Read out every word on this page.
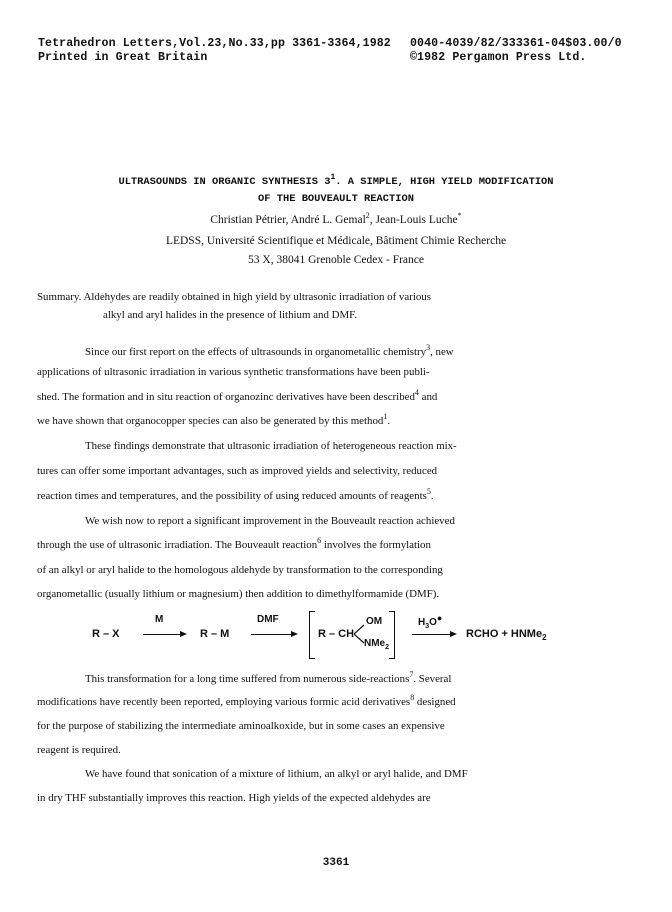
Tetrahedron Letters,Vol.23,No.33,pp 3361-3364,1982 0040-4039/82/333361-04$03.00/0
Printed in Great Britain	©1982 Pergamon Press Ltd.
ULTRASOUNDS IN ORGANIC SYNTHESIS $3^1$. A SIMPLE, HIGH YIELD MODIFICATION
OF THE BOUVEAULT REACTION
Christian Pétrier, André L. Gemal$^2$, Jean-Louis Luche*
LEDSS, Université Scientifique et Médicale, Bâtiment Chimie Recherche
53 X, 38041 Grenoble Cedex - France
Summary. Aldehydes are readily obtained in high yield by ultrasonic irradiation of various
alkyl and aryl halides in the presence of lithium and DMF.
Since our first report on the effects of ultrasounds in organometallic chemistry$^3$, new
applications of ultrasonic irradiation in various synthetic transformations have been publi-
shed. The formation and in situ reaction of organozinc derivatives have been described$^4$ and
we have shown that organocopper species can also be generated by this method$^1$.
These findings demonstrate that ultrasonic irradiation of heterogeneous reaction mix-
tures can offer some important advantages, such as improved yields and selectivity, reduced
reaction times and temperatures, and the possibility of using reduced amounts of reagents$^5$.
We wish now to report a significant improvement in the Bouveault reaction achieved
through the use of ultrasonic irradiation. The Bouveault reaction$^6$ involves the formylation
of an alkyl or aryl halide to the homologous aldehyde by transformation to the corresponding
organometallic (usually lithium or magnesium) then addition to dimethylformamide (DMF).
R – X
M
R – M
DMF
R – CH
OM
NMe$_2$
$H_3O●$
RCHO + HNMe$_2$
This transformation for a long time suffered from numerous side-reactions$^7$. Several
modifications have recently been reported, employing various formic acid derivatives$^8$ designed
for the purpose of stabilizing the intermediate aminoalkoxide, but in some cases an expensive
reagent is required.
We have found that sonication of a mixture of lithium, an alkyl or aryl halide, and DMF
in dry THF substantially improves this reaction. High yields of the expected aldehydes are
3361
